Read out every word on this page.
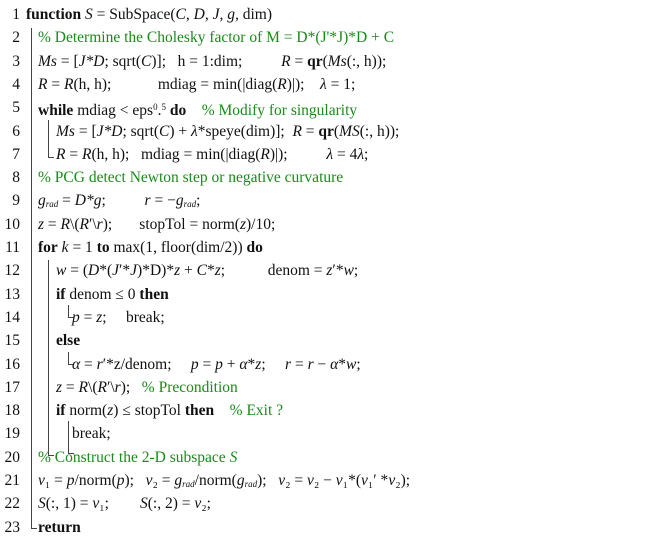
1 function S = SubSpace(C, D, J, g, dim)
2 % Determine the Cholesky factor of M = D*(J'*J)*D + C
3 Ms = [J*D; sqrt(C)];   h = 1:dim;          R = qr(Ms(:, h));
4 R = R(h, h);            mdiag = min(|diag(R)|);    λ = 1;
5 while mdiag < eps$^0$.$^5$ do % Modify for singularity
6 Ms = [J*D; sqrt(C) + λ*speye(dim)];  R = qr(MS(:, h));
7 R = R(h, h);   mdiag = min(|diag(R)|);          λ = 4λ;
8 % PCG detect Newton step or negative curvature
9 $g_{rad} = D*g$;          $r = -g_{rad}$;
10 z = R\(R′\r);       stopTol = norm(z)/10;
11 for k = 1 to max(1, floor(dim/2)) do
12 w = (D*(J′*J)*D)*z + C*z;           denom = z′*w;
13 if denom ≤ 0 then
14	p = z;     break;
15 else
16	α = r′*z/denom;     p = p + α*z;     r = r − α*w;
17 z = R\(R′\r);   % Precondition
18 if norm(z) ≤ stopTol then % Exit ?
19	break;
20 % Construct the 2-D subspace S
21 v₁ = p/norm(p);   $v_2 = g_{rad}/norm(g_{rad})$;   v₂ = v₂ − v₁*(v₁′ *v₂);
22 S(:, 1) = v₁;        S(:, 2) = v₂;
23 return
